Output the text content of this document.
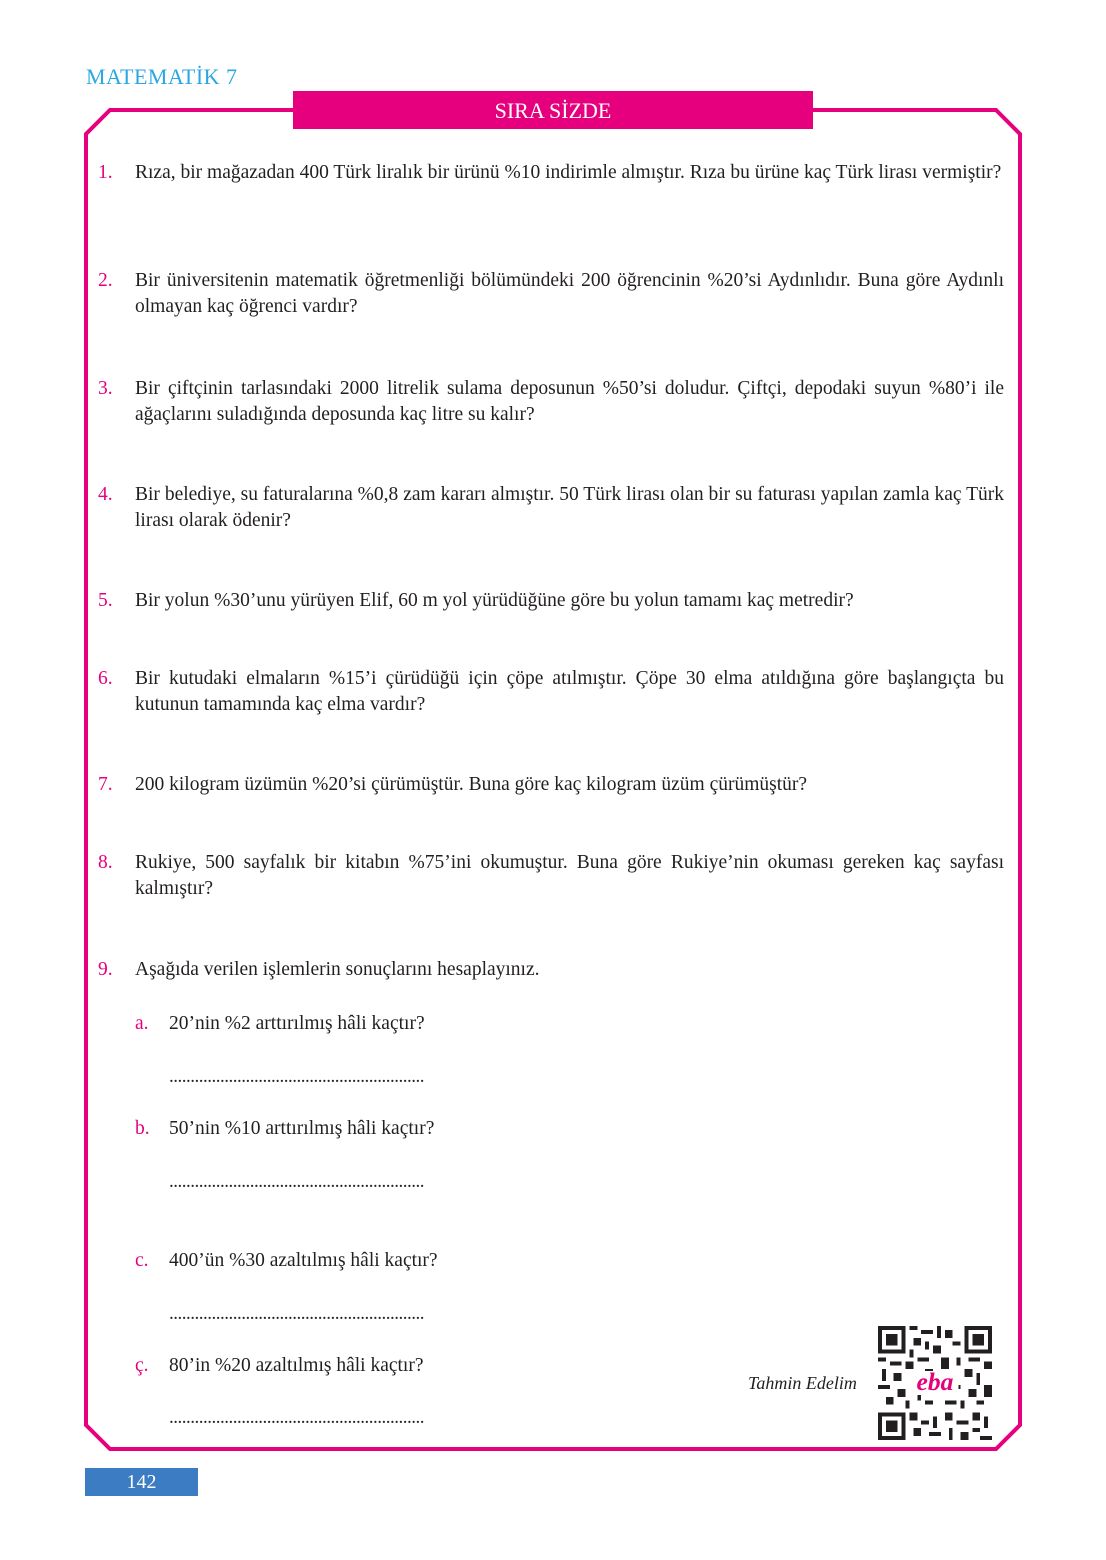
MATEMATİK 7
SIRA SİZDE
1.	Rıza, bir mağazadan 400 Türk liralık bir ürünü %10 indirimle almıştır. Rıza bu ürüne kaç Türk lirası vermiştir?
2.	Bir üniversitenin matematik öğretmenliği bölümündeki 200 öğrencinin %20’si Aydınlıdır. Buna göre Aydınlı olmayan kaç öğrenci vardır?
3.	Bir çiftçinin tarlasındaki 2000 litrelik sulama deposunun %50’si doludur. Çiftçi, depodaki suyun %80’i ile ağaçlarını suladığında deposunda kaç litre su kalır?
4.	Bir belediye, su faturalarına %0,8 zam kararı almıştır. 50 Türk lirası olan bir su faturası yapılan zamla kaç Türk lirası olarak ödenir?
5.	Bir yolun %30’unu yürüyen Elif, 60 m yol yürüdüğüne göre bu yolun tamamı kaç metredir?
6.	Bir kutudaki elmaların %15’i çürüdüğü için çöpe atılmıştır. Çöpe 30 elma atıldığına göre başlangıçta bu kutunun tamamında kaç elma vardır?
7.	200 kilogram üzümün %20’si çürümüştür. Buna göre kaç kilogram üzüm çürümüştür?
8.	Rukiye, 500 sayfalık bir kitabın %75’ini okumuştur. Buna göre Rukiye’nin okuması gereken kaç sayfası kalmıştır?
9.	Aşağıda verilen işlemlerin sonuçlarını hesaplayınız.
a.	20’nin %2 arttırılmış hâli kaçtır?
............................................................
b. 50’nin %10 arttırılmış hâli kaçtır?
............................................................
c.	400’ün %30 azaltılmış hâli kaçtır?
............................................................
ç.	80’in %20 azaltılmış hâli kaçtır?
............................................................
Tahmin Edelim	eba
142
